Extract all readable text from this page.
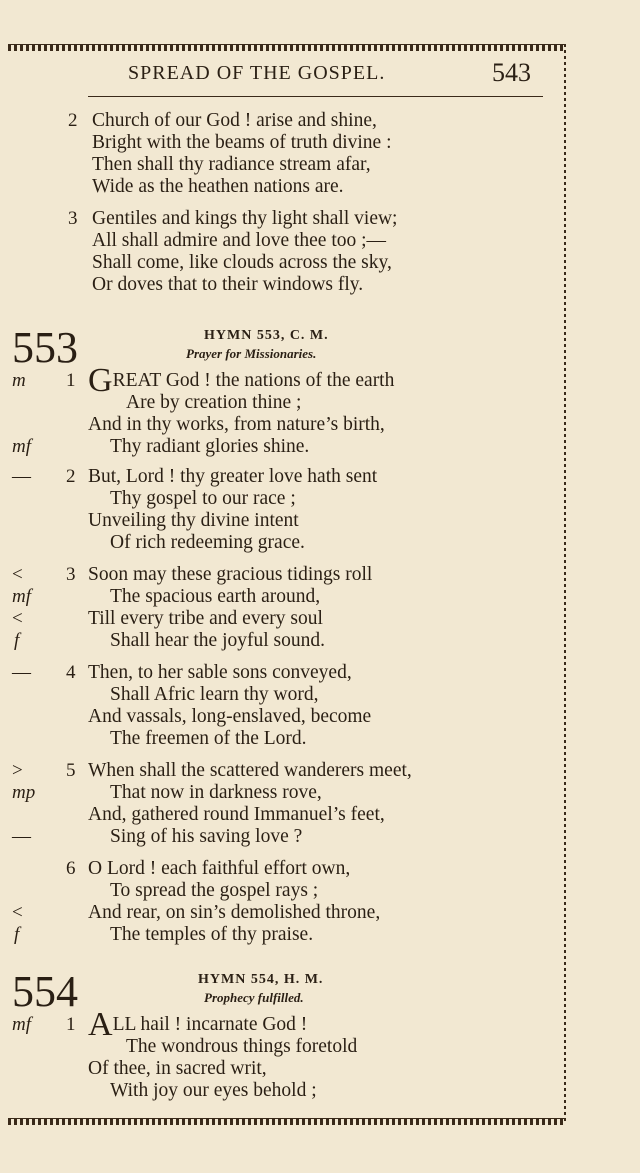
SPREAD OF THE GOSPEL.	543
2 Church of our God ! arise and shine,
Bright with the beams of truth divine :
Then shall thy radiance stream afar,
Wide as the heathen nations are.
3 Gentiles and kings thy light shall view;
All shall admire and love thee too ;—
Shall come, like clouds across the sky,
Or doves that to their windows fly.
553	HYMN 553, C. M.
Prayer for Missionaries.
m 1 GREAT God ! the nations of the earth
Are by creation thine ;
And in thy works, from nature’s birth,
mf	Thy radiant glories shine.
— 2 But, Lord ! thy greater love hath sent
Thy gospel to our race ;
Unveiling thy divine intent
Of rich redeeming grace.
< 3 Soon may these gracious tidings roll
mf	The spacious earth around,
<	Till every tribe and every soul
f	Shall hear the joyful sound.
— 4 Then, to her sable sons conveyed,
Shall Afric learn thy word,
And vassals, long-enslaved, become
The freemen of the Lord.
> 5 When shall the scattered wanderers meet,
mp	That now in darkness rove,
And, gathered round Immanuel’s feet,
—	Sing of his saving love ?
6 O Lord ! each faithful effort own,
To spread the gospel rays ;
<	And rear, on sin’s demolished throne,
f	The temples of thy praise.
554	HYMN 554, H. M.
Prophecy fulfilled.
mf 1 ALL hail ! incarnate God !
The wondrous things foretold
Of thee, in sacred writ,
With joy our eyes behold ;
